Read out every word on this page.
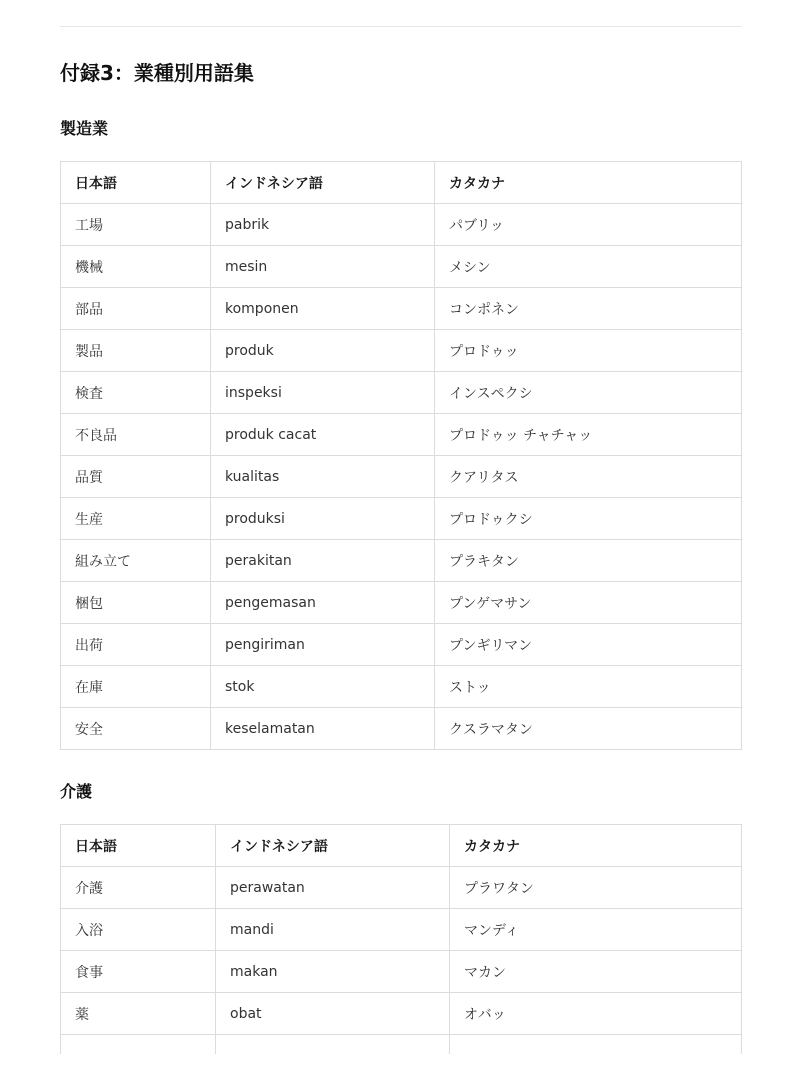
付録3：業種別用語集
製造業
日本語	インドネシア語	カタカナ
工場	pabrik	パブリッ
機械	mesin	メシン
部品	komponen	コンポネン
製品	produk	プロドゥッ
検査	inspeksi	インスペクシ
不良品	produk cacat	プロドゥッ チャチャッ
品質	kualitas	クアリタス
生産	produksi	プロドゥクシ
組み立て	perakitan	プラキタン
梱包	pengemasan	プンゲマサン
出荷	pengiriman	プンギリマン
在庫	stok	ストッ
安全	keselamatan	クスラマタン
介護
日本語	インドネシア語	カタカナ
介護	perawatan	プラワタン
入浴	mandi	マンディ
食事	makan	マカン
薬	obat	オバッ
